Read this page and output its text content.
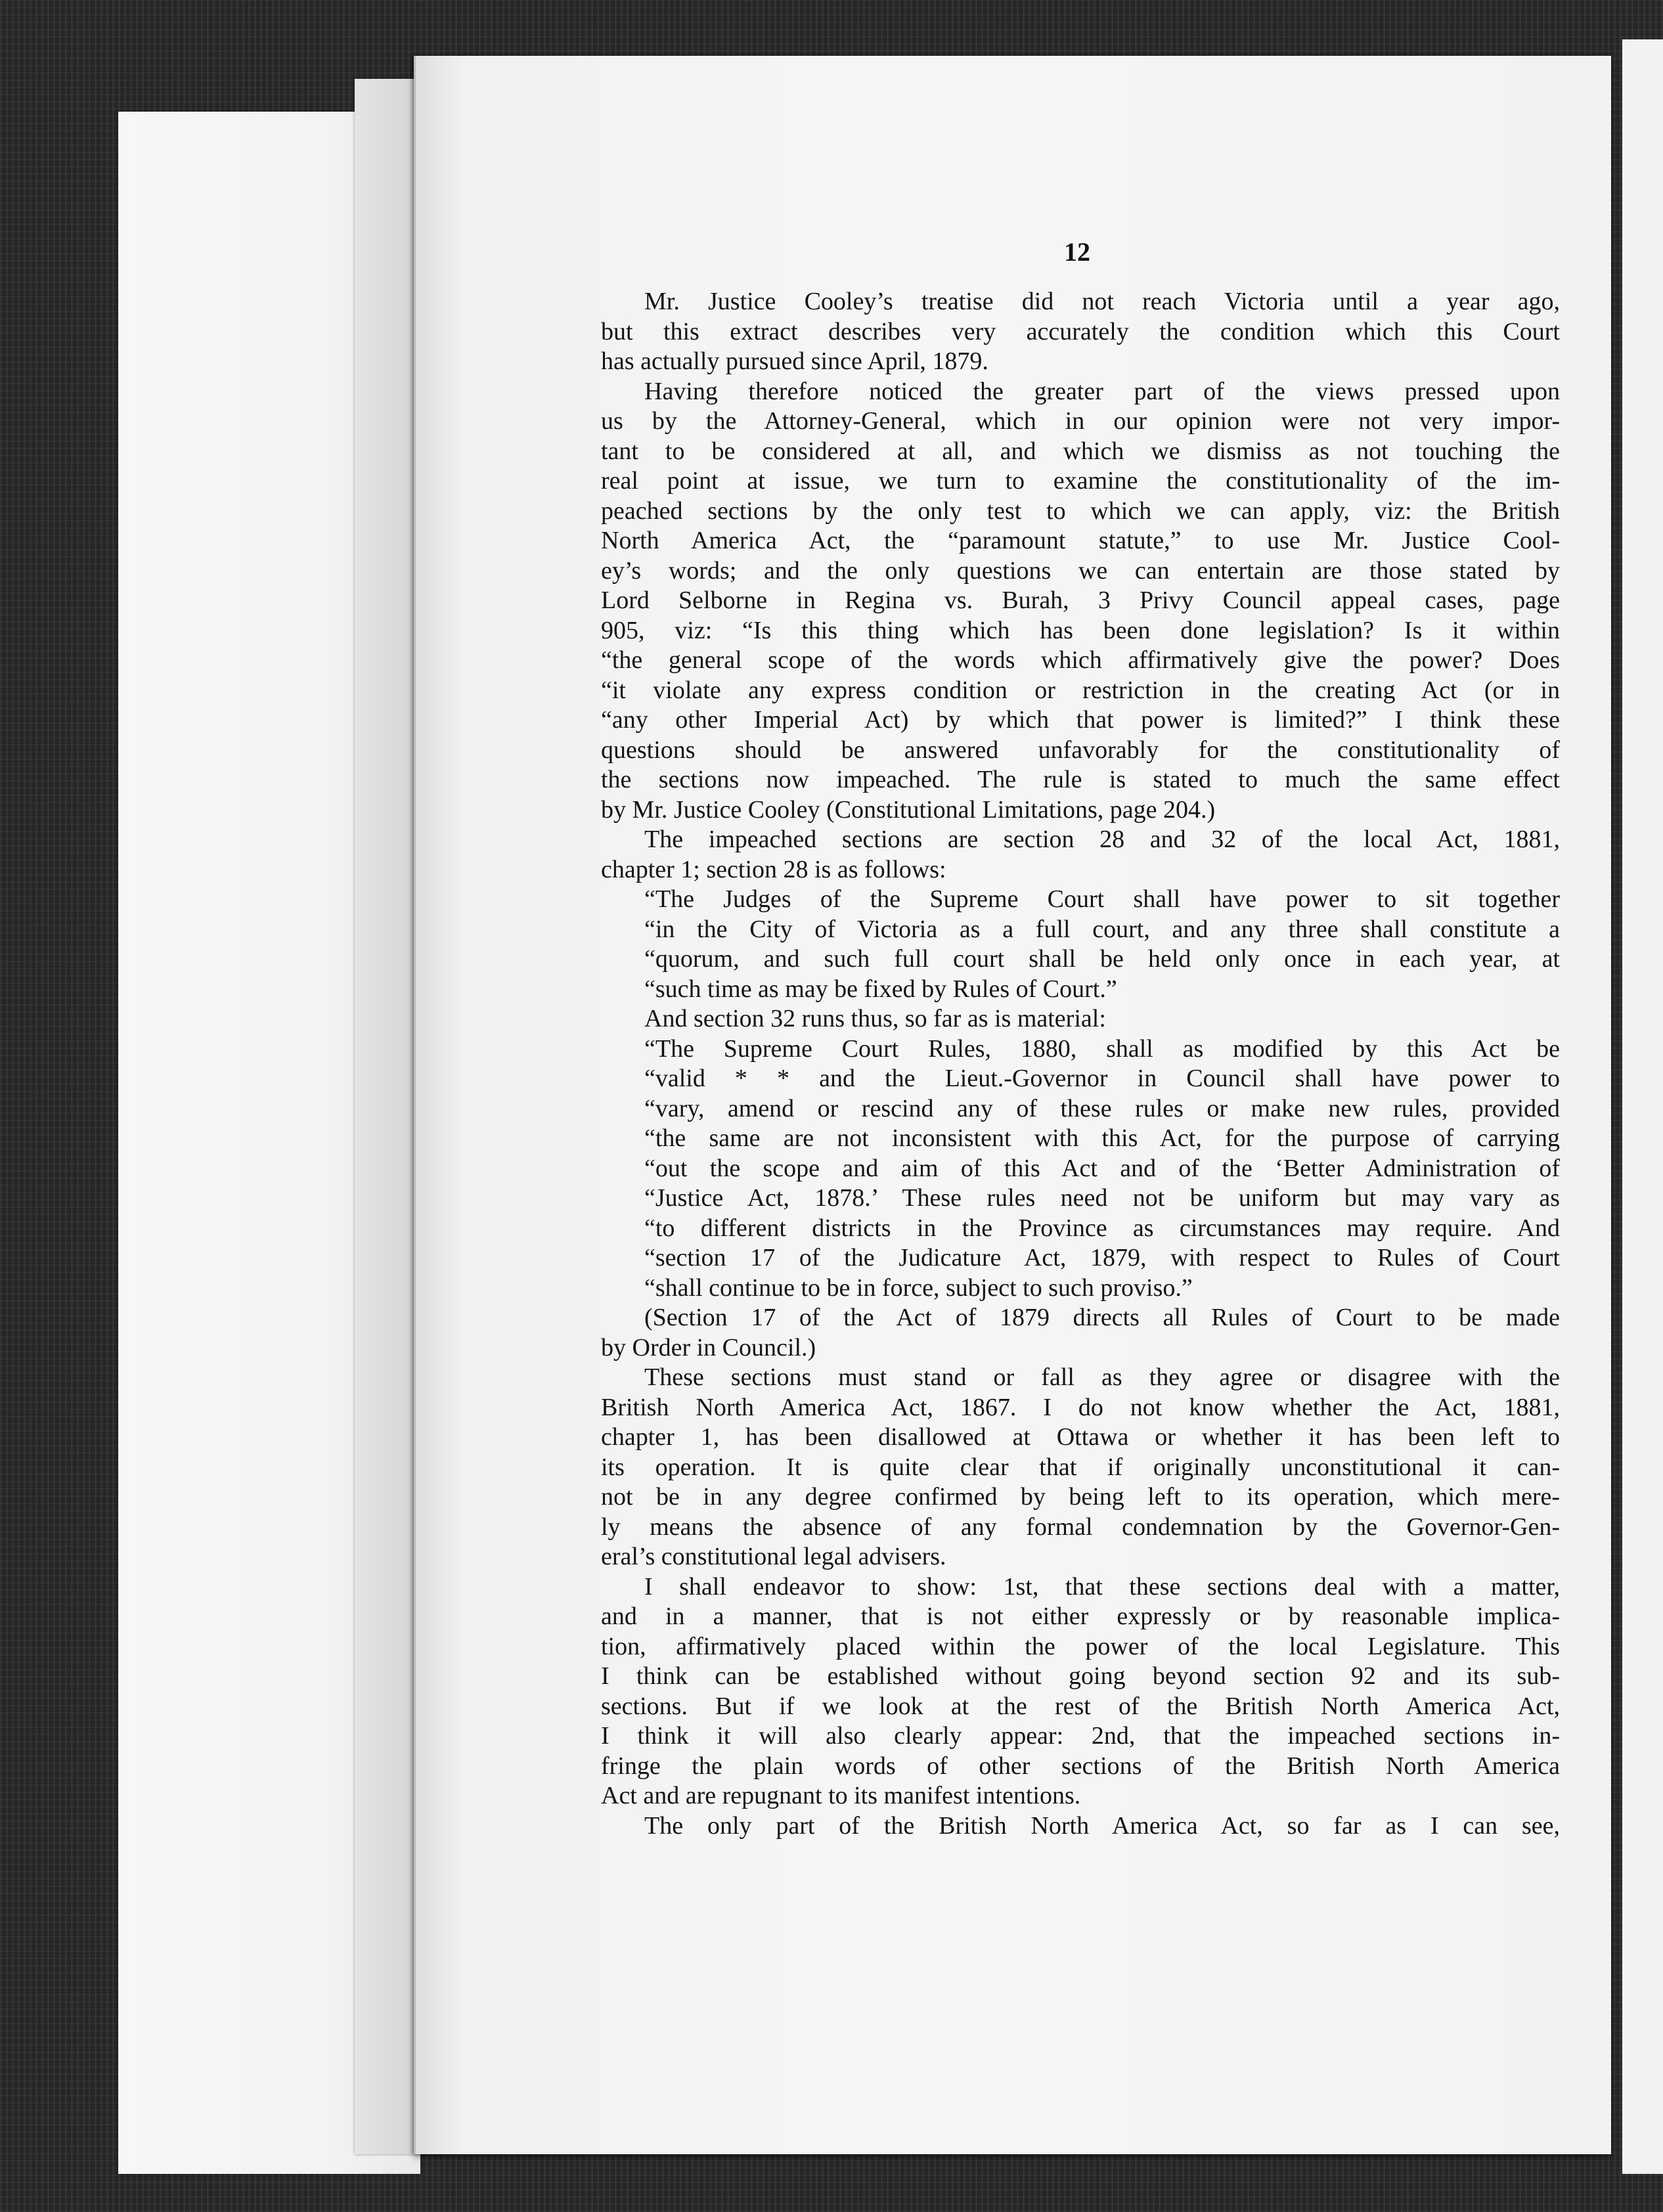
12
Mr. Justice Cooley’s treatise did not reach Victoria until a year ago,
but this extract describes very accurately the condition which this Court
has actually pursued since April, 1879.
Having therefore noticed the greater part of the views pressed upon
us by the Attorney-General, which in our opinion were not very impor-
tant to be considered at all, and which we dismiss as not touching the
real point at issue, we turn to examine the constitutionality of the im-
peached sections by the only test to which we can apply, viz: the British
North America Act, the “paramount statute,” to use Mr. Justice Cool-
ey’s words; and the only questions we can entertain are those stated by
Lord Selborne in Regina vs. Burah, 3 Privy Council appeal cases, page
905, viz: “Is this thing which has been done legislation? Is it within
“the general scope of the words which affirmatively give the power? Does
“it violate any express condition or restriction in the creating Act (or in
“any other Imperial Act) by which that power is limited?” I think these
questions should be answered unfavorably for the constitutionality of
the sections now impeached. The rule is stated to much the same effect
by Mr. Justice Cooley (Constitutional Limitations, page 204.)
The impeached sections are section 28 and 32 of the local Act, 1881,
chapter 1; section 28 is as follows:
“The Judges of the Supreme Court shall have power to sit together
“in the City of Victoria as a full court, and any three shall constitute a
“quorum, and such full court shall be held only once in each year, at
“such time as may be fixed by Rules of Court.”
And section 32 runs thus, so far as is material:
“The Supreme Court Rules, 1880, shall as modified by this Act be
“valid * * and the Lieut.-Governor in Council shall have power to
“vary, amend or rescind any of these rules or make new rules, provided
“the same are not inconsistent with this Act, for the purpose of carrying
“out the scope and aim of this Act and of the ‘Better Administration of
“Justice Act, 1878.’ These rules need not be uniform but may vary as
“to different districts in the Province as circumstances may require. And
“section 17 of the Judicature Act, 1879, with respect to Rules of Court
“shall continue to be in force, subject to such proviso.”
(Section 17 of the Act of 1879 directs all Rules of Court to be made
by Order in Council.)
These sections must stand or fall as they agree or disagree with the
British North America Act, 1867. I do not know whether the Act, 1881,
chapter 1, has been disallowed at Ottawa or whether it has been left to
its operation. It is quite clear that if originally unconstitutional it can-
not be in any degree confirmed by being left to its operation, which mere-
ly means the absence of any formal condemnation by the Governor-Gen-
eral’s constitutional legal advisers.
I shall endeavor to show: 1st, that these sections deal with a matter,
and in a manner, that is not either expressly or by reasonable implica-
tion, affirmatively placed within the power of the local Legislature. This
I think can be established without going beyond section 92 and its sub-
sections. But if we look at the rest of the British North America Act,
I think it will also clearly appear: 2nd, that the impeached sections in-
fringe the plain words of other sections of the British North America
Act and are repugnant to its manifest intentions.
The only part of the British North America Act, so far as I can see,
